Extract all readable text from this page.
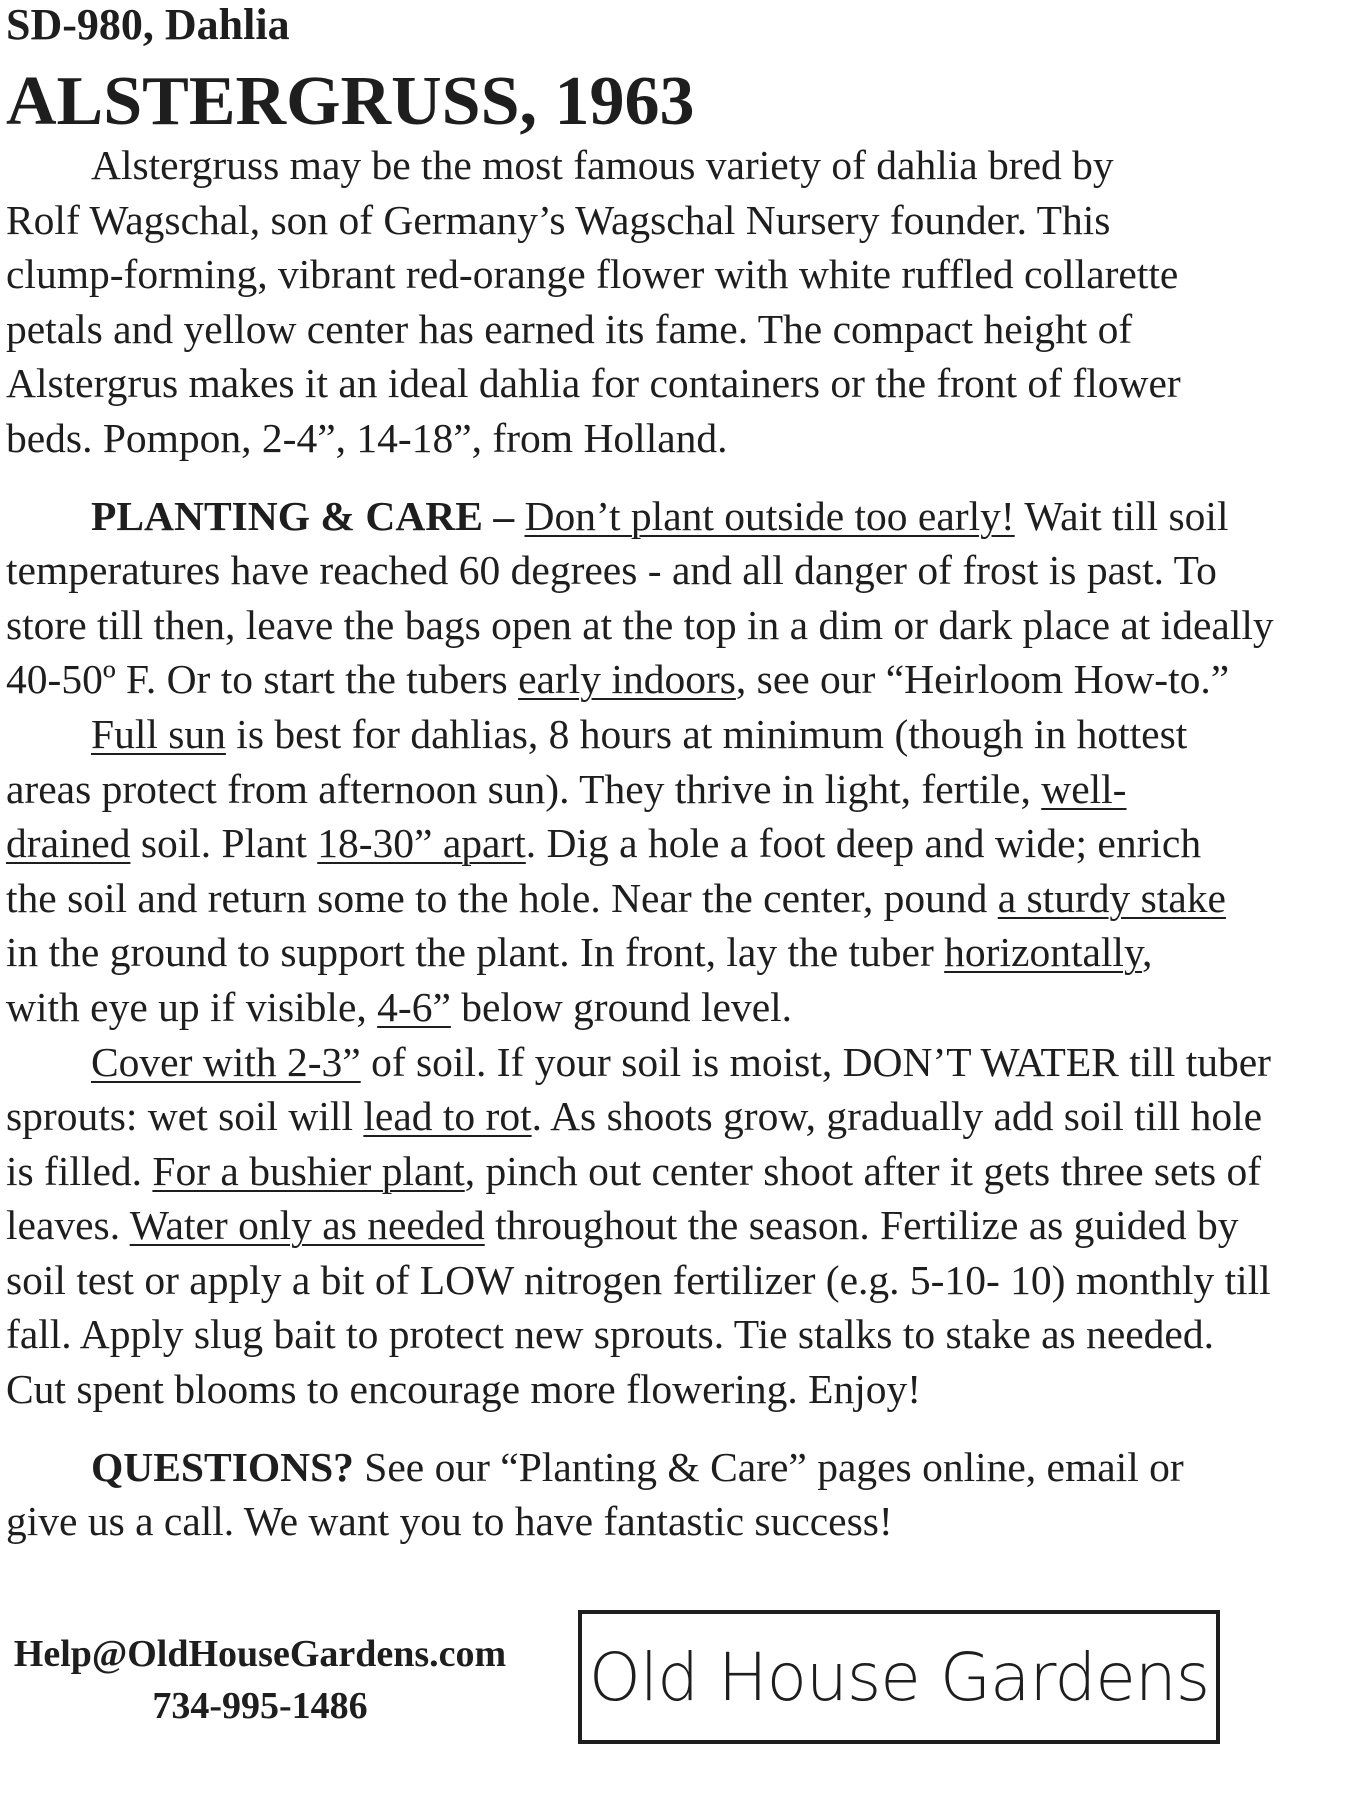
SD-980, Dahlia
ALSTERGRUSS, 1963
Alstergruss may be the most famous variety of dahlia bred by
Rolf Wagschal, son of Germany’s Wagschal Nursery founder. This
clump-forming, vibrant red-orange flower with white ruffled collarette
petals and yellow center has earned its fame. The compact height of
Alstergrus makes it an ideal dahlia for containers or the front of flower
beds. Pompon, 2-4”, 14-18”, from Holland.
PLANTING & CARE – Don’t plant outside too early! Wait till soil
temperatures have reached 60 degrees - and all danger of frost is past. To
store till then, leave the bags open at the top in a dim or dark place at ideally
40-50º F. Or to start the tubers early indoors, see our “Heirloom How-to.”
Full sun is best for dahlias, 8 hours at minimum (though in hottest
areas protect from afternoon sun). They thrive in light, fertile, well-
drained soil. Plant 18-30” apart. Dig a hole a foot deep and wide; enrich
the soil and return some to the hole. Near the center, pound a sturdy stake
in the ground to support the plant. In front, lay the tuber horizontally,
with eye up if visible, 4-6” below ground level.
Cover with 2-3” of soil. If your soil is moist, DON’T WATER till tuber
sprouts: wet soil will lead to rot. As shoots grow, gradually add soil till hole
is filled. For a bushier plant, pinch out center shoot after it gets three sets of
leaves. Water only as needed throughout the season. Fertilize as guided by
soil test or apply a bit of LOW nitrogen fertilizer (e.g. 5-10- 10) monthly till
fall. Apply slug bait to protect new sprouts. Tie stalks to stake as needed.
Cut spent blooms to encourage more flowering. Enjoy!
QUESTIONS? See our “Planting & Care” pages online, email or
give us a call. We want you to have fantastic success!
Help@OldHouseGardens.com
734-995-1486	Old House Gardens
